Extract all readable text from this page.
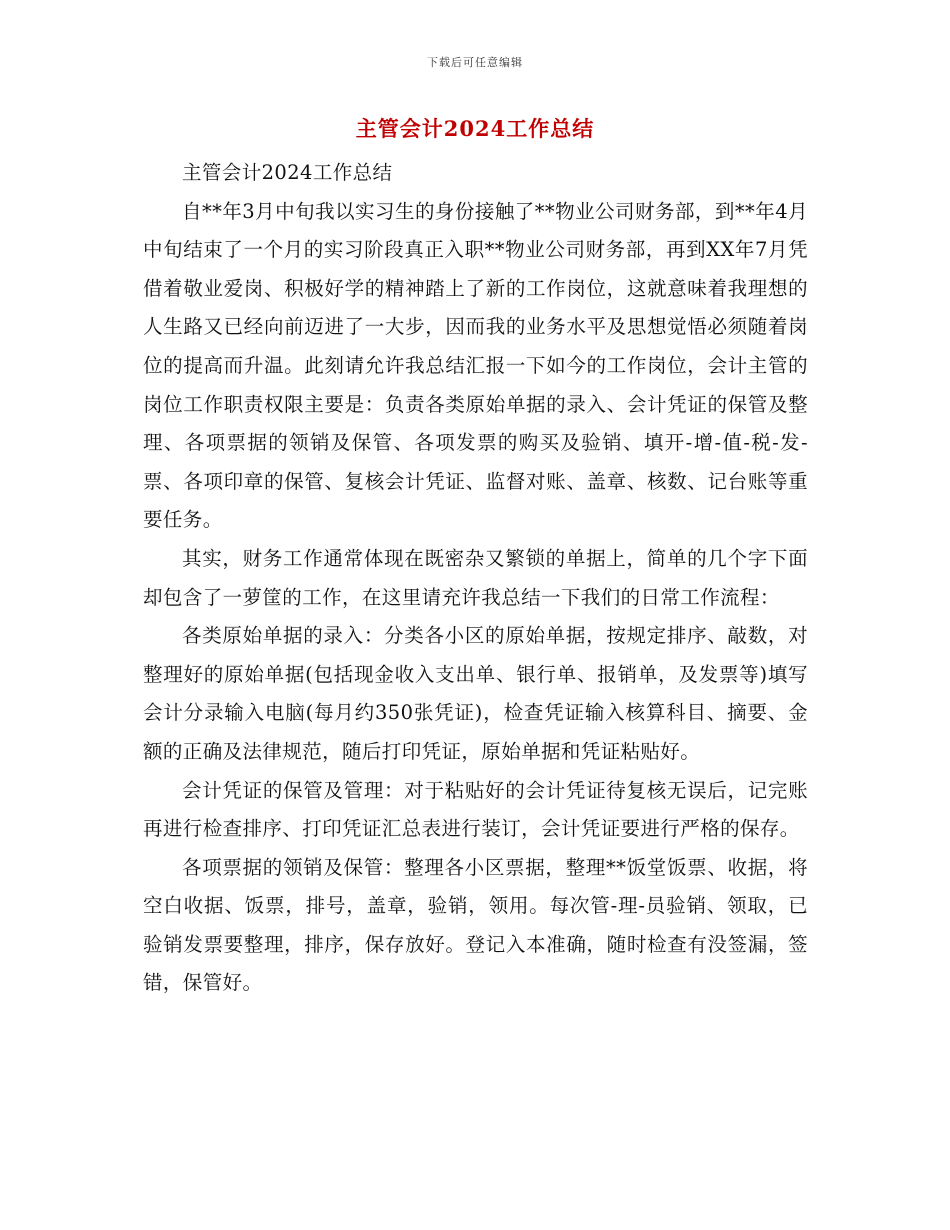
下载后可任意编辑
主管会计2024工作总结

主管会计2024工作总结

自**年3月中旬我以实习生的身份接触了**物业公司财务部，到**年4月中旬结束了一个月的实习阶段真正入职**物业公司财务部，再到XX年7月凭借着敬业爱岗、积极好学的精神踏上了新的工作岗位，这就意味着我理想的人生路又已经向前迈进了一大步，因而我的业务水平及思想觉悟必须随着岗位的提高而升温。此刻请允许我总结汇报一下如今的工作岗位，会计主管的岗位工作职责权限主要是：负责各类原始单据的录入、会计凭证的保管及整理、各项票据的领销及保管、各项发票的购买及验销、填开-增-值-税-发-票、各项印章的保管、复核会计凭证、监督对账、盖章、核数、记台账等重要任务。

其实，财务工作通常体现在既密杂又繁锁的单据上，简单的几个字下面却包含了一萝筐的工作，在这里请充许我总结一下我们的日常工作流程：

各类原始单据的录入：分类各小区的原始单据，按规定排序、敲数，对整理好的原始单据(包括现金收入支出单、银行单、报销单，及发票等)填写会计分录输入电脑(每月约350张凭证)，检查凭证输入核算科目、摘要、金额的正确及法律规范，随后打印凭证，原始单据和凭证粘贴好。

会计凭证的保管及管理：对于粘贴好的会计凭证待复核无误后，记完账再进行检查排序、打印凭证汇总表进行装订，会计凭证要进行严格的保存。

各项票据的领销及保管：整理各小区票据，整理**饭堂饭票、收据，将空白收据、饭票，排号，盖章，验销，领用。每次管-理-员验销、领取，已验销发票要整理，排序，保存放好。登记入本准确，随时检查有没签漏，签错，保管好。
